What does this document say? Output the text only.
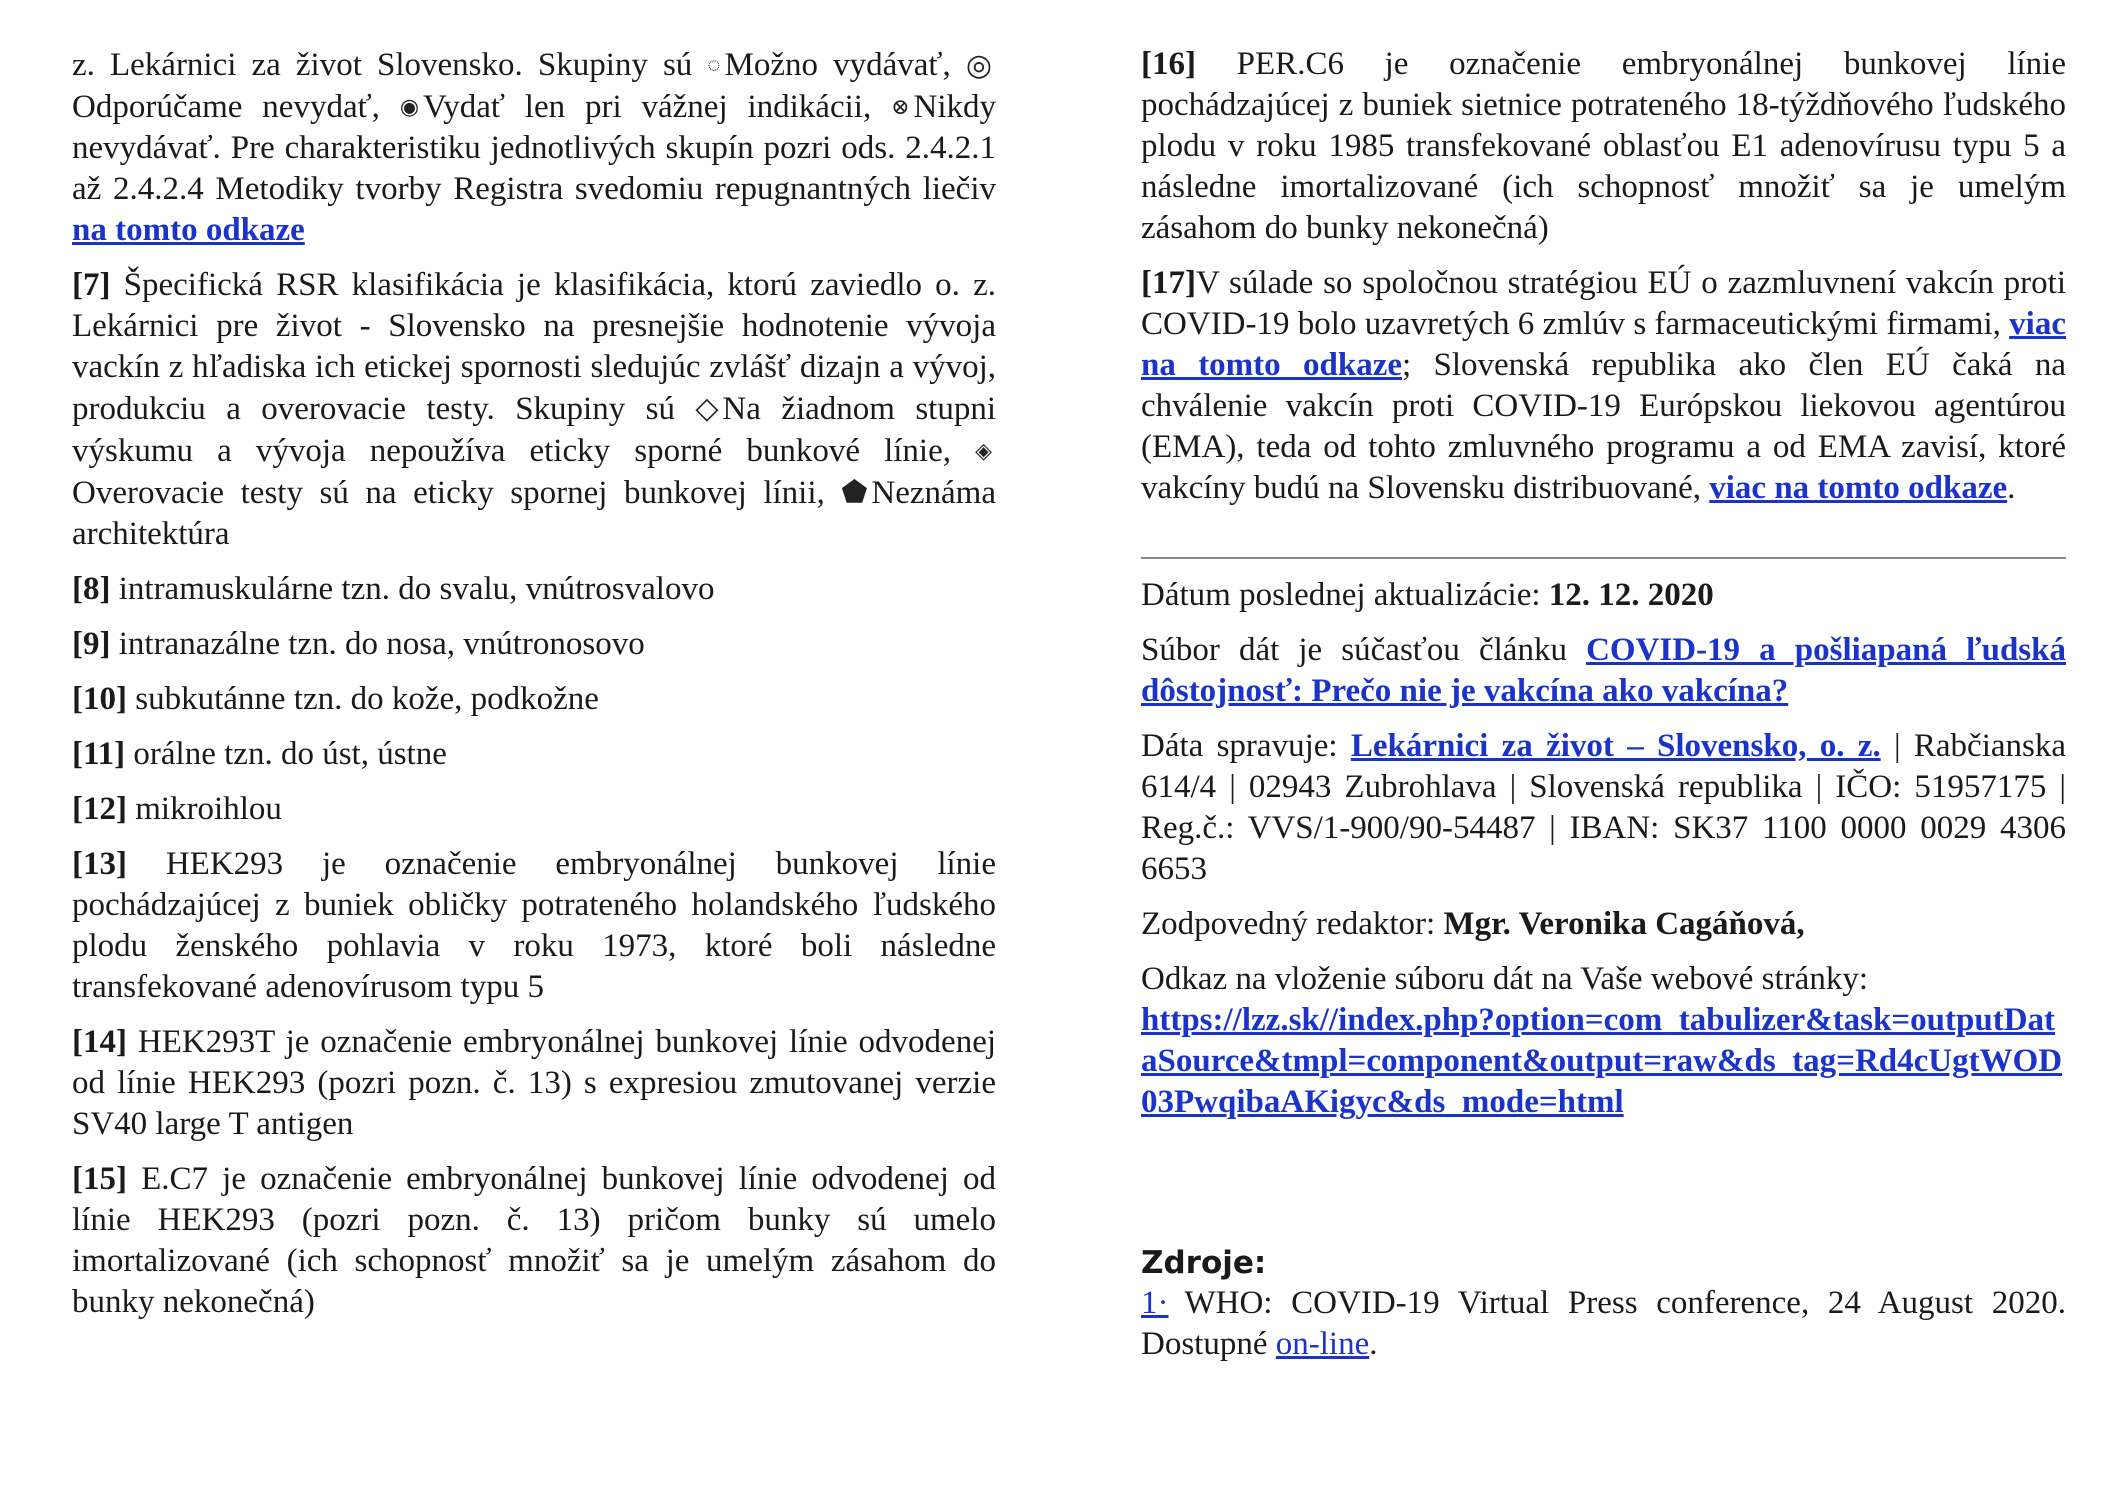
z. Lekárnici za život Slovensko. Skupiny sú ◌ Možno vydávať, ◎Odporúčame nevydať, ◉ Vydať len pri vážnej indikácii, ⊗ Nikdy nevydávať. Pre charakteristiku jednotlivých skupín pozri ods. 2.4.2.1 až 2.4.2.4 Metodiky tvorby Registra svedomiu repugnantných liečiv na tomto odkaze

[7] Špecifická RSR klasifikácia je klasifikácia, ktorú zaviedlo o. z. Lekárnici pre život - Slovensko na presnejšie hodnotenie vývoja vackín z hľadiska ich etickej spornosti sledujúc zvlášť dizajn a vývoj, produkciu a overovacie testy. Skupiny sú ◇ Na žiadnom stupni výskumu a vývoja nepoužíva eticky sporné bunkové línie, ◈Overovacie testy sú na eticky spornej bunkovej línii, ⬟ Neznáma architektúra

[8] intramuskulárne tzn. do svalu, vnútrosvalovo

[9] intranazálne tzn. do nosa, vnútronosovo

[10] subkutánne tzn. do kože, podkožne

[11] orálne tzn. do úst, ústne

[12] mikroihlou

[13] HEK293 je označenie embryonálnej bunkovej línie pochádzajúcej z buniek obličky potrateného holandského ľudského plodu ženského pohlavia v roku 1973, ktoré boli následne transfekované adenovírusom typu 5

[14] HEK293T je označenie embryonálnej bunkovej línie odvodenej od línie HEK293 (pozri pozn. č. 13) s expresiou zmutovanej verzie SV40 large T antigen

[15] E.C7 je označenie embryonálnej bunkovej línie odvodenej od línie HEK293 (pozri pozn. č. 13) pričom bunky sú umelo imortalizované (ich schopnosť množiť sa je umelým zásahom do bunky nekonečná)

[16] PER.C6 je označenie embryonálnej bunkovej línie pochádzajúcej z buniek sietnice potrateného 18-týždňového ľudského plodu v roku 1985 transfekované oblasťou E1 adenovírusu typu 5 a následne imortalizované (ich schopnosť množiť sa je umelým zásahom do bunky nekonečná)

[17]V súlade so spoločnou stratégiou EÚ o zazmluvnení vakcín proti COVID-19 bolo uzavretých 6 zmlúv s farmaceutickými firmami, viac na tomto odkaze; Slovenská republika ako člen EÚ čaká na chválenie vakcín proti COVID-19 Európskou liekovou agentúrou (EMA), teda od tohto zmluvného programu a od EMA zavisí, ktoré vakcíny budú na Slovensku distribuované, viac na tomto odkaze.

Dátum poslednej aktualizácie: 12. 12. 2020

Súbor dát je súčasťou článku COVID-19 a pošliapaná ľudská dôstojnosť: Prečo nie je vakcína ako vakcína?

Dáta spravuje: Lekárnici za život – Slovensko, o. z. | Rabčianska 614/4 | 02943 Zubrohlava | Slovenská republika | IČO: 51957175 | Reg.č.: VVS/1-900/90-54487 | IBAN: SK37 1100 0000 0029 4306 6653

Zodpovedný redaktor: Mgr. Veronika Cagáňová,

Odkaz na vloženie súboru dát na Vaše webové stránky:

https://lzz.sk//index.php?option=com_tabulizer&task=outputDataSource&tmpl=component&output=raw&ds_tag=Rd4cUgtWOD03PwqibaAKigyc&ds_mode=html

Zdroje:

1· WHO: COVID-19 Virtual Press conference, 24 August 2020. Dostupné on-line.
